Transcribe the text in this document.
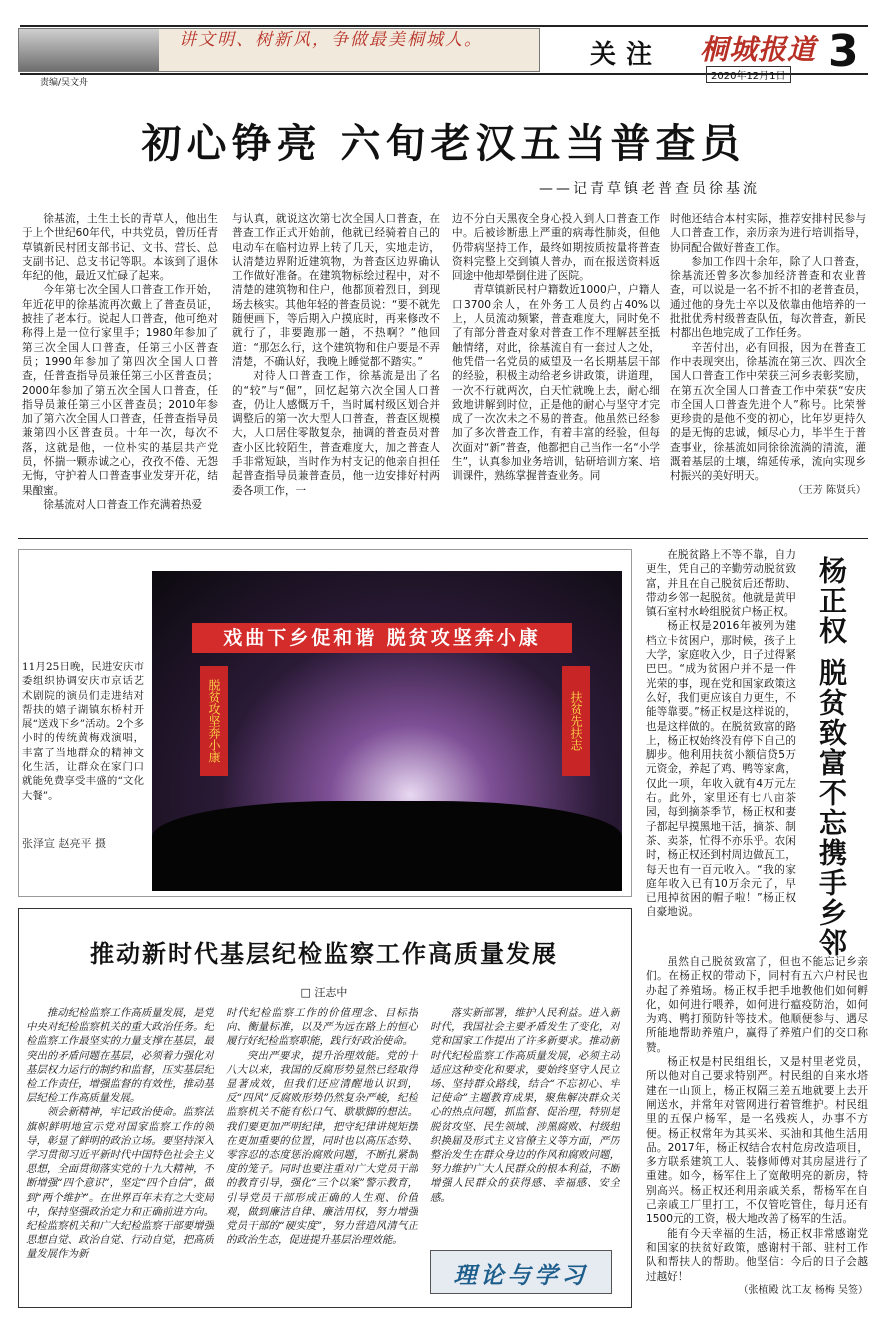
讲文明、树新风，争做最美桐城人。
责编/吴文舟
关注 桐城报道
2020年12月1日 3
初心铮亮 六旬老汉五当普查员
——记青草镇老普查员徐基流

徐基流，土生土长的青草人，他出生于上个世纪60年代，中共党员，曾历任青草镇新民村团支部书记、文书、营长、总支副书记、总支书记等职。本该到了退休年纪的他，最近又忙碌了起来。

今年第七次全国人口普查工作开始，年近花甲的徐基流再次戴上了普查员证，披挂了老本行。说起人口普查，他可绝对称得上是一位行家里手；1980年参加了第三次全国人口普查，任第三小区普查员；1990年参加了第四次全国人口普查，任普查指导员兼任第三小区普查员；2000年参加了第五次全国人口普查，任指导员兼任第三小区普查员；2010年参加了第六次全国人口普查，任普查指导员兼第四小区普查员。十年一次，每次不落，这就是他，一位朴实的基层共产党员，怀揣一颗赤诚之心，孜孜不倦、无怨无悔，守护着人口普查事业发芽开花，结果酿蜜。

徐基流对人口普查工作充满着热爱

与认真，就说这次第七次全国人口普查，在普查工作正式开始前，他就已经骑着自己的电动车在临村边界上转了几天，实地走访，认清楚边界附近建筑物，为普查区边界确认工作做好准备。在建筑物标绘过程中，对不清楚的建筑物和住户，他都顶着烈日，到现场去核实。其他年轻的普查员说：“要不就先随便画下，等后期入户摸底时，再来修改不就行了，非要跑那一趟，不热啊？”他回道：“那怎么行，这个建筑物和住户要是不弄清楚，不确认好，我晚上睡觉都不踏实。”

对待人口普查工作，徐基流是出了名的“较”与“倔”，回忆起第六次全国人口普查，仍让人感慨万千，当时属村级区划合并调整后的第一次大型人口普查，普查区规模大，人口居住零散复杂，抽调的普查员对普查小区比较陌生，普查难度大，加之普查人手非常短缺，当时作为村支记的他亲自担任起普查指导员兼普查员，他一边安排好村两委各项工作，一

边不分白天黑夜全身心投入到人口普查工作中。后被诊断患上严重的病毒性肺炎，但他仍带病坚持工作，最终如期按质按量将普查资料完整上交到镇人普办，而在报送资料返回途中他却晕倒住进了医院。

青草镇新民村户籍数近1000户，户籍人口3700余人，在外务工人员约占40%以上，人员流动频繁，普查难度大，同时免不了有部分普查对象对普查工作不理解甚至抵触情绪，对此，徐基流自有一套过人之处，他凭借一名党员的威望及一名长期基层干部的经验，积极主动给老乡讲政策，讲道理，一次不行就两次，白天忙就晚上去，耐心细致地讲解到时位，正是他的耐心与坚守才完成了一次次未之不易的普查。他虽然已经参加了多次普查工作，有着丰富的经验，但每次面对“新”普查，他都把自己当作一名“小学生”，认真参加业务培训，钻研培训方案、培训课件，熟练掌握普查业务。同

时他还结合本村实际，推荐安排村民参与人口普查工作，亲历亲为进行培训指导，协同配合做好普查工作。

参加工作四十余年，除了人口普查，徐基流还曾多次参加经济普查和农业普查，可以说是一名不折不扣的老普查员，通过他的身先士卒以及依靠由他培养的一批批优秀村级普查队伍，每次普查，新民村都出色地完成了工作任务。

辛苦付出，必有回报，因为在普查工作中表现突出，徐基流在第三次、四次全国人口普查工作中荣获三河乡表彰奖励，在第五次全国人口普查工作中荣获“安庆市全国人口普查先进个人”称号。比荣誉更珍贵的是他不变的初心，比年岁更持久的是无悔的忠诚，倾尽心力，毕半生于普查事业，徐基流如同徐徐流淌的清流，灌溉着基层的土壤，绵延传承，流向实现乡村振兴的美好明天。

（王芳 陈贤兵）
戏曲下乡促和谐 脱贫攻坚奔小康
脱贫攻坚奔小康	扶贫先扶志
11月25日晚，民进安庆市委组织协调安庆市京话艺术剧院的演员们走进结对帮扶的嬉子湖镇东桥村开展“送戏下乡”活动。2个多小时的传统黄梅戏演唱，丰富了当地群众的精神文化生活，让群众在家门口就能免费享受丰盛的“文化大餐”。
张泽宣 赵亮平 摄	杨正权 脱贫致富不忘携手乡邻

在脱贫路上不等不靠，自力更生，凭自己的辛勤劳动脱贫致富，并且在自己脱贫后还帮助、带动乡邻一起脱贫。他就是黄甲镇石室村水岭组脱贫户杨正权。

杨正权是2016年被列为建档立卡贫困户，那时候，孩子上大学，家庭收入少，日子过得紧巴巴。“成为贫困户并不是一件光荣的事，现在党和国家政策这么好，我们更应该自力更生，不能等靠要。”杨正权是这样说的，也是这样做的。在脱贫致富的路上，杨正权始终没有停下自己的脚步。他利用扶贫小额信贷5万元资金，养起了鸡、鸭等家禽，仅此一项，年收入就有4万元左右。此外，家里还有七八亩茶园，每到摘茶季节，杨正权和妻子都起早摸黑地干活，摘茶、制茶、卖茶，忙得不亦乐乎。农闲时，杨正权还到村周边做瓦工，每天也有一百元收入。“我的家庭年收入已有10万余元了，早已甩掉贫困的帽子啦！”杨正权自豪地说。

虽然自己脱贫致富了，但也不能忘记乡亲们。在杨正权的带动下，同村有五六户村民也办起了养殖场。杨正权手把手地教他们如何孵化，如何进行喂养，如何进行瘟疫防治，如何为鸡、鸭打预防针等技术。他顺便参与、遇尽所能地帮助养殖户，赢得了养殖户们的交口称赞。

杨正权是村民组组长，又是村里老党员，所以他对自己要求特别严。村民组的自来水塔建在一山顶上，杨正权隔三差五地就要上去开闸送水，并常年对管网进行着管维护。村民组里的五保户杨军，是一名残疾人，办事不方便。杨正权常年为其买米、买油和其他生活用品。2017年，杨正权结合农村危房改造项目，多方联系建筑工人、装修师傅对其房屋进行了重建。如今，杨军住上了宽敞明亮的新房，特别高兴。杨正权还利用亲戚关系，帮杨军在自己亲戚工厂里打工，不仅管吃管住，每月还有1500元的工资，极大地改善了杨军的生活。

能有今天幸福的生活，杨正权非常感谢党和国家的扶贫好政策，感谢村干部、驻村工作队和帮扶人的帮助。他坚信：今后的日子会越过越好！

（张植殿 沈工友 杨梅 吴签）
推动新时代基层纪检监察工作高质量发展
□ 汪志中

推动纪检监察工作高质量发展，是党中央对纪检监察机关的重大政治任务。纪检监察工作最坚实的力量支撑在基层，最突出的矛盾问题在基层，必须着力强化对基层权力运行的制约和监督，压实基层纪检工作责任，增强监督的有效性，推动基层纪检工作高质量发展。

领会新精神，牢记政治使命。监察法旗帜鲜明地宣示党对国家监察工作的领导，彰显了鲜明的政治立场。要坚持深入学习贯彻习近平新时代中国特色社会主义思想，全面贯彻落实党的十九大精神，不断增强“四个意识”，坚定“四个自信”，做到“两个维护”。在世界百年未有之大变局中，保持坚强政治定力和正确前进方向。纪检监察机关和广大纪检监察干部要增强思想自觉、政治自觉、行动自觉，把高质量发展作为新

时代纪检监察工作的价值理念、目标指向、衡量标准，以及严为远在路上的恒心履行好纪检监察职能，践行好政治使命。

突出严要求，提升治理效能。党的十八大以来，我国的反腐形势显然已经取得显著成效，但我们还应清醒地认识到，反“四风”反腐败形势仍然复杂严峻，纪检监察机关不能有松口气、歇歇脚的想法。我们要更加严明纪律，把守纪律讲规矩摆在更加重要的位置，同时也以高压态势、零容忍的态度惩治腐败问题，不断扎紧制度的笼子。同时也要注重对广大党员干部的教育引导，强化“三个以案”警示教育，引导党员干部形成正确的人生观、价值观，做到廉洁自律、廉洁用权，努力增强党员干部的“硬实度”，努力营造风清气正的政治生态，促进提升基层治理效能。

落实新部署，维护人民利益。进入新时代，我国社会主要矛盾发生了变化，对党和国家工作提出了许多新要求。推动新时代纪检监察工作高质量发展，必须主动适应这种变化和要求，要始终坚守人民立场、坚持群众路线，结合“不忘初心、牢记使命”主题教育成果，聚焦解决群众关心的热点问题，抓监督、促治理，特别是脱贫攻坚、民生领域、涉黑腐败、村级组织换届及形式主义官僚主义等方面，严厉整治发生在群众身边的作风和腐败问题，努力维护广大人民群众的根本利益，不断增强人民群众的获得感、幸福感、安全感。

理论与学习
